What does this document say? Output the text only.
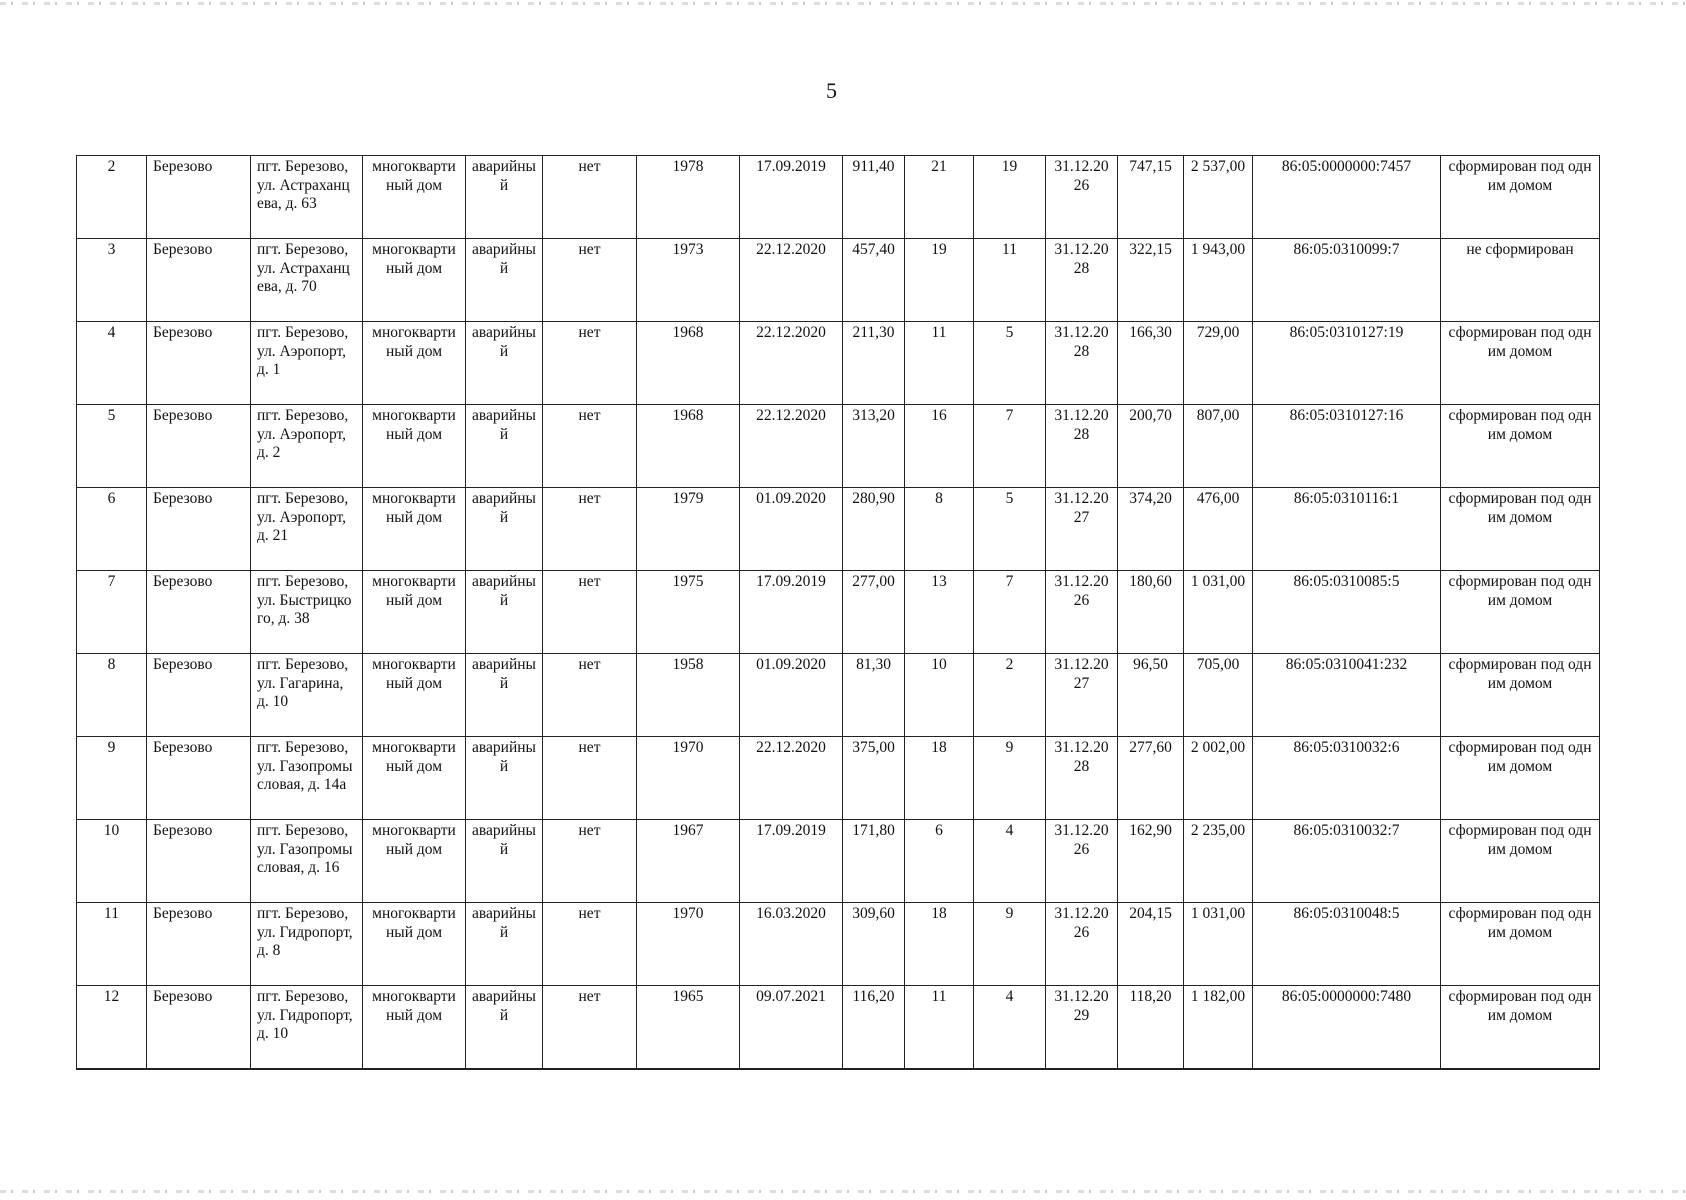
5
2	Березово	пгт. Березово, ул. Астраханцева, д. 63	многоквартиный дом	аварийный	нет	1978	17.09.2019	911,40	21	19	31.12.2026	747,15	2 537,00	86:05:0000000:7457	сформирован под одним домом
3	Березово	пгт. Березово, ул. Астраханцева, д. 70	многоквартиный дом	аварийный	нет	1973	22.12.2020	457,40	19	11	31.12.2028	322,15	1 943,00	86:05:0310099:7	не сформирован
4	Березово	пгт. Березово, ул. Аэропорт, д. 1	многоквартиный дом	аварийный	нет	1968	22.12.2020	211,30	11	5	31.12.2028	166,30	729,00	86:05:0310127:19	сформирован под одним домом
5	Березово	пгт. Березово, ул. Аэропорт, д. 2	многоквартиный дом	аварийный	нет	1968	22.12.2020	313,20	16	7	31.12.2028	200,70	807,00	86:05:0310127:16	сформирован под одним домом
6	Березово	пгт. Березово, ул. Аэропорт, д. 21	многоквартиный дом	аварийный	нет	1979	01.09.2020	280,90	8	5	31.12.2027	374,20	476,00	86:05:0310116:1	сформирован под одним домом
7	Березово	пгт. Березово, ул. Быстрицкого, д. 38	многоквартиный дом	аварийный	нет	1975	17.09.2019	277,00	13	7	31.12.2026	180,60	1 031,00	86:05:0310085:5	сформирован под одним домом
8	Березово	пгт. Березово, ул. Гагарина, д. 10	многоквартиный дом	аварийный	нет	1958	01.09.2020	81,30	10	2	31.12.2027	96,50	705,00	86:05:0310041:232	сформирован под одним домом
9	Березово	пгт. Березово, ул. Газопромысловая, д. 14а	многоквартиный дом	аварийный	нет	1970	22.12.2020	375,00	18	9	31.12.2028	277,60	2 002,00	86:05:0310032:6	сформирован под одним домом
10	Березово	пгт. Березово, ул. Газопромысловая, д. 16	многоквартиный дом	аварийный	нет	1967	17.09.2019	171,80	6	4	31.12.2026	162,90	2 235,00	86:05:0310032:7	сформирован под одним домом
11	Березово	пгт. Березово, ул. Гидропорт, д. 8	многоквартиный дом	аварийный	нет	1970	16.03.2020	309,60	18	9	31.12.2026	204,15	1 031,00	86:05:0310048:5	сформирован под одним домом
12	Березово	пгт. Березово, ул. Гидропорт, д. 10	многоквартиный дом	аварийный	нет	1965	09.07.2021	116,20	11	4	31.12.2029	118,20	1 182,00	86:05:0000000:7480	сформирован под одним домом
